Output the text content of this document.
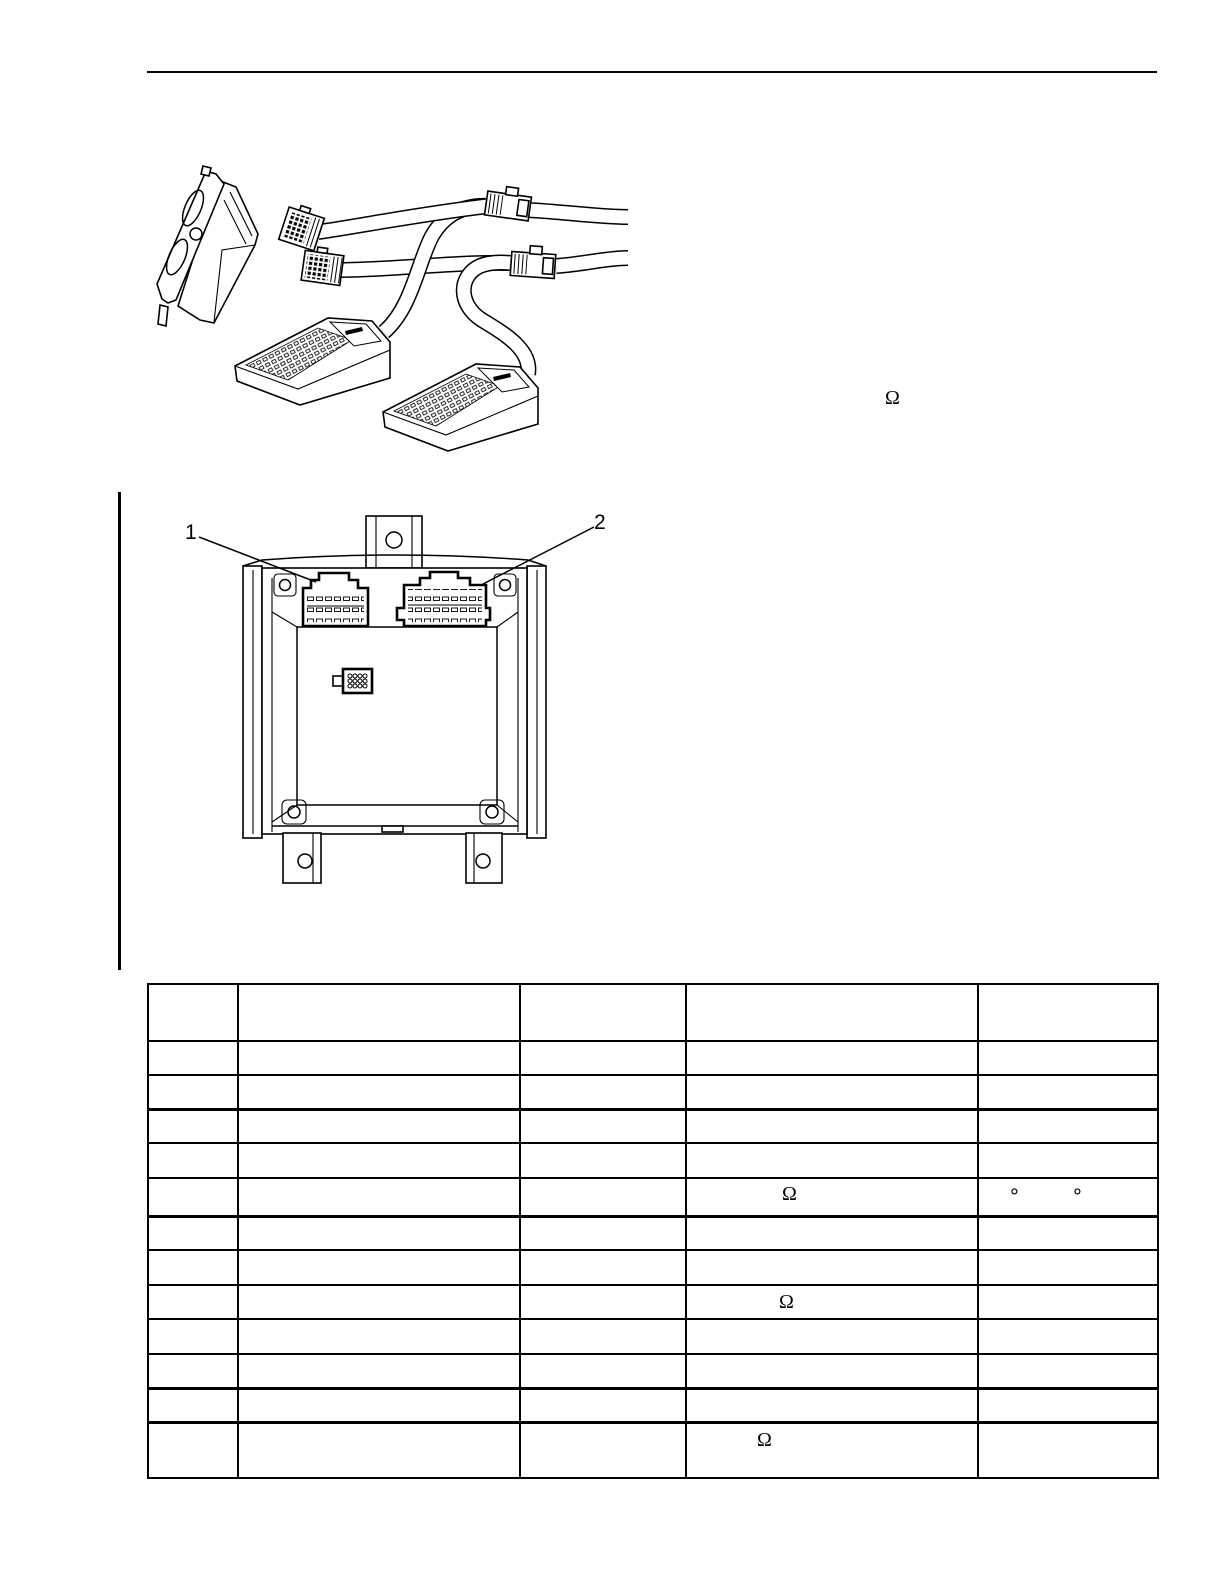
Ω
1	2

			Ω	° °

			Ω	

			Ω	
